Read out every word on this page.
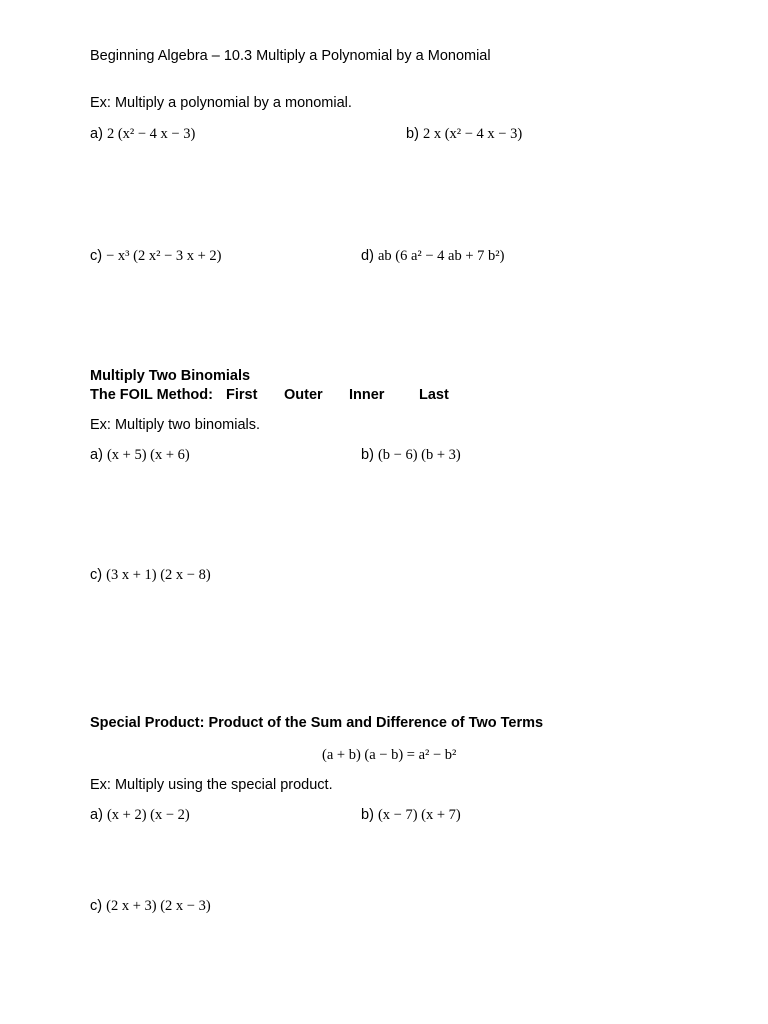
Beginning Algebra – 10.3 Multiply a Polynomial by a Monomial
Ex: Multiply a polynomial by a monomial.
a) 2 (x² − 4 x − 3)	b) 2 x (x² − 4 x − 3)
c) − x³ (2 x² − 3 x + 2)	d) ab (6 a² − 4 ab + 7 b²)
Multiply Two Binomials
The FOIL Method: First Outer Inner Last
Ex: Multiply two binomials.
a) (x + 5) (x + 6)	b) (b − 6) (b + 3)
c) (3 x + 1) (2 x − 8)
Special Product: Product of the Sum and Difference of Two Terms
(a + b) (a − b) = a² − b²
Ex: Multiply using the special product.
a) (x + 2) (x − 2)	b) (x − 7) (x + 7)
c) (2 x + 3) (2 x − 3)
